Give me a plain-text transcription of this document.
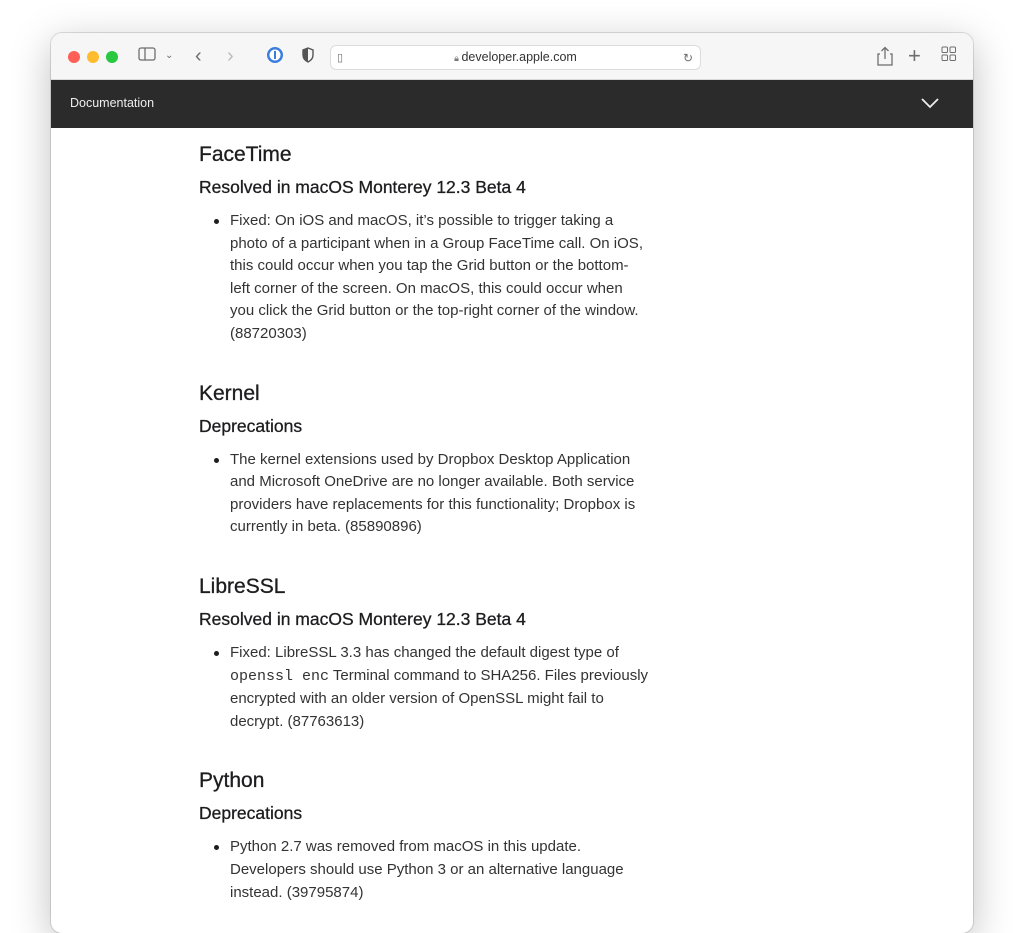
⌄ ‹ ›	▯	🔒︎ developer.apple.com	↻	+
Documentation
FaceTime
Resolved in macOS Monterey 12.3 Beta 4
Fixed: On iOS and macOS, it’s possible to trigger taking a
photo of a participant when in a Group FaceTime call. On iOS,
this could occur when you tap the Grid button or the bottom-
left corner of the screen. On macOS, this could occur when
you click the Grid button or the top-right corner of the window.
(88720303)
Kernel
Deprecations
The kernel extensions used by Dropbox Desktop Application
and Microsoft OneDrive are no longer available. Both service
providers have replacements for this functionality; Dropbox is
currently in beta. (85890896)
LibreSSL
Resolved in macOS Monterey 12.3 Beta 4
Fixed: LibreSSL 3.3 has changed the default digest type of
openssl enc Terminal command to SHA256. Files previously
encrypted with an older version of OpenSSL might fail to
decrypt. (87763613)
Python
Deprecations
Python 2.7 was removed from macOS in this update.
Developers should use Python 3 or an alternative language
instead. (39795874)
